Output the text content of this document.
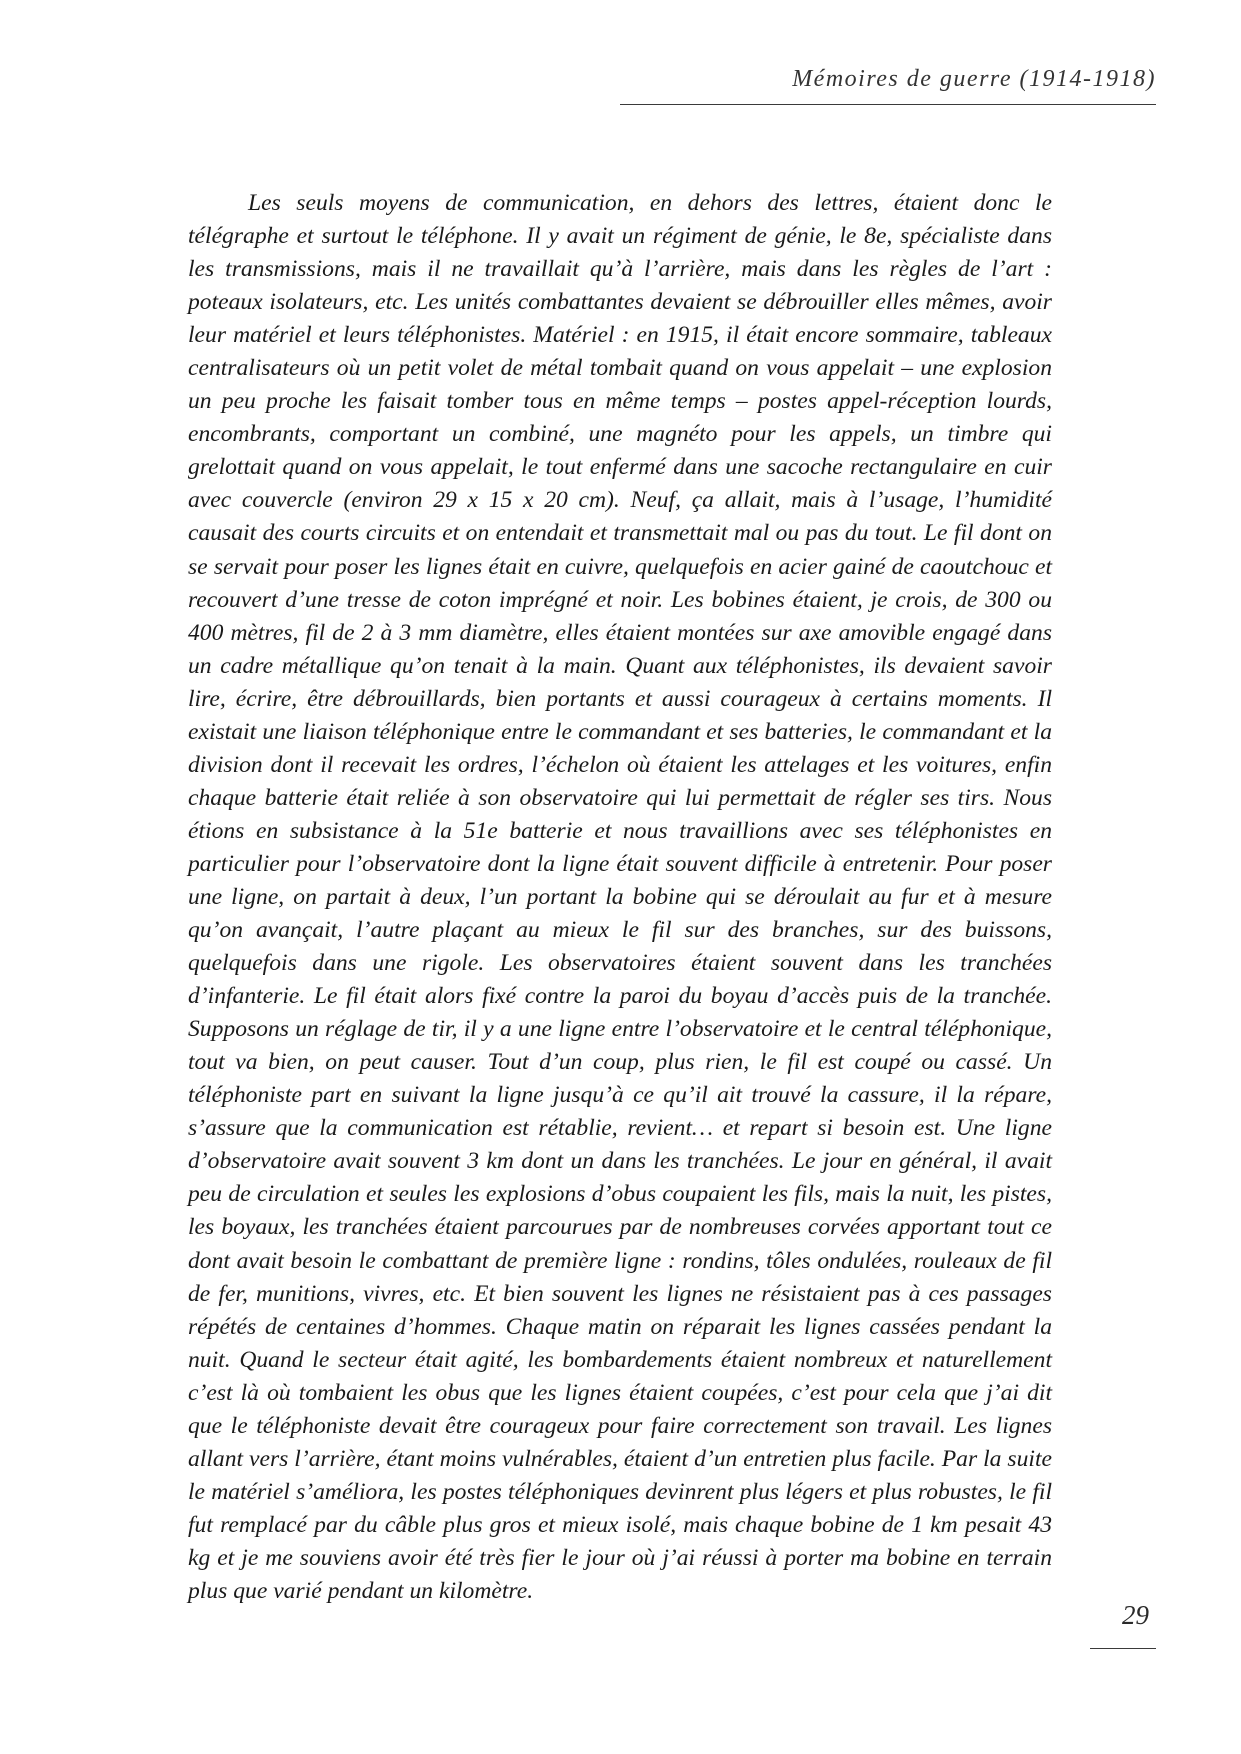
Mémoires de guerre (1914-1918)

Les seuls moyens de communication, en dehors des lettres, étaient donc le télégraphe et surtout le téléphone. Il y avait un régiment de génie, le 8e, spécialiste dans les transmissions, mais il ne travaillait qu’à l’arrière, mais dans les règles de l’art : poteaux isolateurs, etc. Les unités combattantes devaient se débrouiller elles mêmes, avoir leur matériel et leurs téléphonistes. Matériel : en 1915, il était encore sommaire, tableaux centralisateurs où un petit volet de métal tombait quand on vous appelait – une explosion un peu proche les faisait tomber tous en même temps – postes appel-réception lourds, encombrants, comportant un combiné, une magnéto pour les appels, un timbre qui grelottait quand on vous appelait, le tout enfermé dans une sacoche rectangulaire en cuir avec couvercle (environ 29 x 15 x 20 cm). Neuf, ça allait, mais à l’usage, l’humidité causait des courts circuits et on entendait et transmettait mal ou pas du tout. Le fil dont on se servait pour poser les lignes était en cuivre, quelquefois en acier gainé de caoutchouc et recouvert d’une tresse de coton imprégné et noir. Les bobines étaient, je crois, de 300 ou 400 mètres, fil de 2 à 3 mm diamètre, elles étaient montées sur axe amovible engagé dans un cadre métallique qu’on tenait à la main. Quant aux téléphonistes, ils devaient savoir lire, écrire, être débrouillards, bien portants et aussi courageux à certains moments. Il existait une liaison téléphonique entre le commandant et ses batteries, le commandant et la division dont il recevait les ordres, l’échelon où étaient les attelages et les voitures, enfin chaque batterie était reliée à son observatoire qui lui permettait de régler ses tirs. Nous étions en subsistance à la 51e batterie et nous travaillions avec ses téléphonistes en particulier pour l’observatoire dont la ligne était souvent difficile à entretenir. Pour poser une ligne, on partait à deux, l’un portant la bobine qui se déroulait au fur et à mesure qu’on avançait, l’autre plaçant au mieux le fil sur des branches, sur des buissons, quelquefois dans une rigole. Les observatoires étaient souvent dans les tranchées d’infanterie. Le fil était alors fixé contre la paroi du boyau d’accès puis de la tranchée. Supposons un réglage de tir, il y a une ligne entre l’observatoire et le central téléphonique, tout va bien, on peut causer. Tout d’un coup, plus rien, le fil est coupé ou cassé. Un téléphoniste part en suivant la ligne jusqu’à ce qu’il ait trouvé la cassure, il la répare, s’assure que la communication est rétablie, revient… et repart si besoin est. Une ligne d’observatoire avait souvent 3 km dont un dans les tranchées. Le jour en général, il avait peu de circulation et seules les explosions d’obus coupaient les fils, mais la nuit, les pistes, les boyaux, les tranchées étaient parcourues par de nombreuses corvées apportant tout ce dont avait besoin le combattant de première ligne : rondins, tôles ondulées, rouleaux de fil de fer, munitions, vivres, etc. Et bien souvent les lignes ne résistaient pas à ces passages répétés de centaines d’hommes. Chaque matin on réparait les lignes cassées pendant la nuit. Quand le secteur était agité, les bombardements étaient nombreux et naturellement c’est là où tombaient les obus que les lignes étaient coupées, c’est pour cela que j’ai dit que le téléphoniste devait être courageux pour faire correctement son travail. Les lignes allant vers l’arrière, étant moins vulnérables, étaient d’un entretien plus facile. Par la suite le matériel s’améliora, les postes téléphoniques devinrent plus légers et plus robustes, le fil fut remplacé par du câble plus gros et mieux isolé, mais chaque bobine de 1 km pesait 43 kg et je me souviens avoir été très fier le jour où j’ai réussi à porter ma bobine en terrain plus que varié pendant un kilomètre.

29
